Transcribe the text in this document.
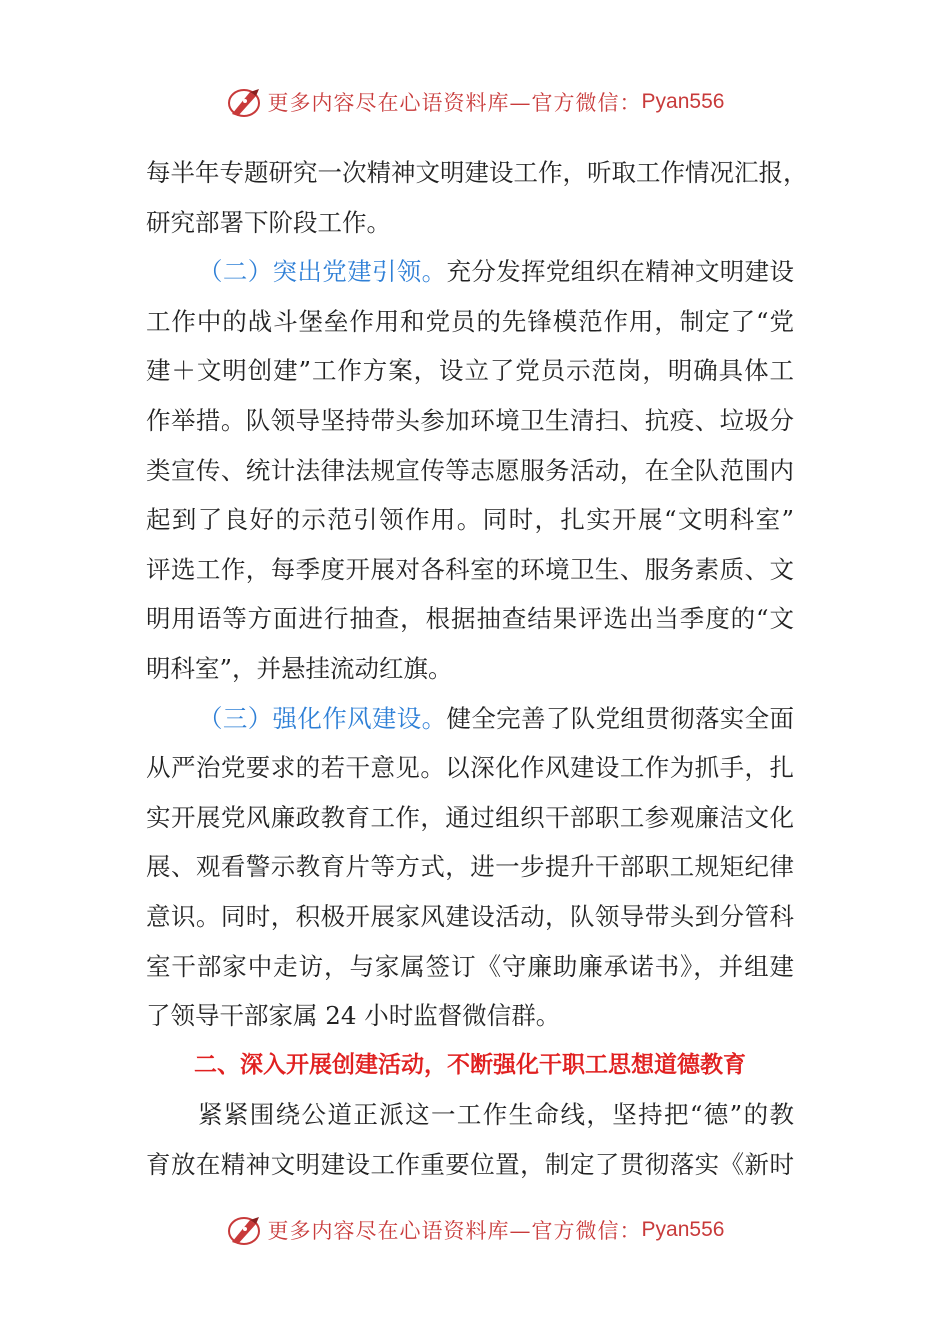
更多内容尽在心语资料库—官方微信： Pyan556
每半年专题研究一次精神文明建设工作，听取工作情况汇报，
研究部署下阶段工作。
（二）突出党建引领。充分发挥党组织在精神文明建设
工作中的战斗堡垒作用和党员的先锋模范作用，制定了“党
建＋文明创建”工作方案，设立了党员示范岗，明确具体工
作举措。队领导坚持带头参加环境卫生清扫、抗疫、垃圾分
类宣传、统计法律法规宣传等志愿服务活动，在全队范围内
起到了良好的示范引领作用。同时，扎实开展“文明科室”
评选工作，每季度开展对各科室的环境卫生、服务素质、文
明用语等方面进行抽查，根据抽查结果评选出当季度的“文
明科室”，并悬挂流动红旗。
（三）强化作风建设。健全完善了队党组贯彻落实全面
从严治党要求的若干意见。以深化作风建设工作为抓手，扎
实开展党风廉政教育工作，通过组织干部职工参观廉洁文化
展、观看警示教育片等方式，进一步提升干部职工规矩纪律
意识。同时，积极开展家风建设活动，队领导带头到分管科
室干部家中走访，与家属签订《守廉助廉承诺书》，并组建
了领导干部家属 24 小时监督微信群。
二、深入开展创建活动，不断强化干职工思想道德教育
紧紧围绕公道正派这一工作生命线，坚持把“德”的教
育放在精神文明建设工作重要位置，制定了贯彻落实《新时
更多内容尽在心语资料库—官方微信： Pyan556
